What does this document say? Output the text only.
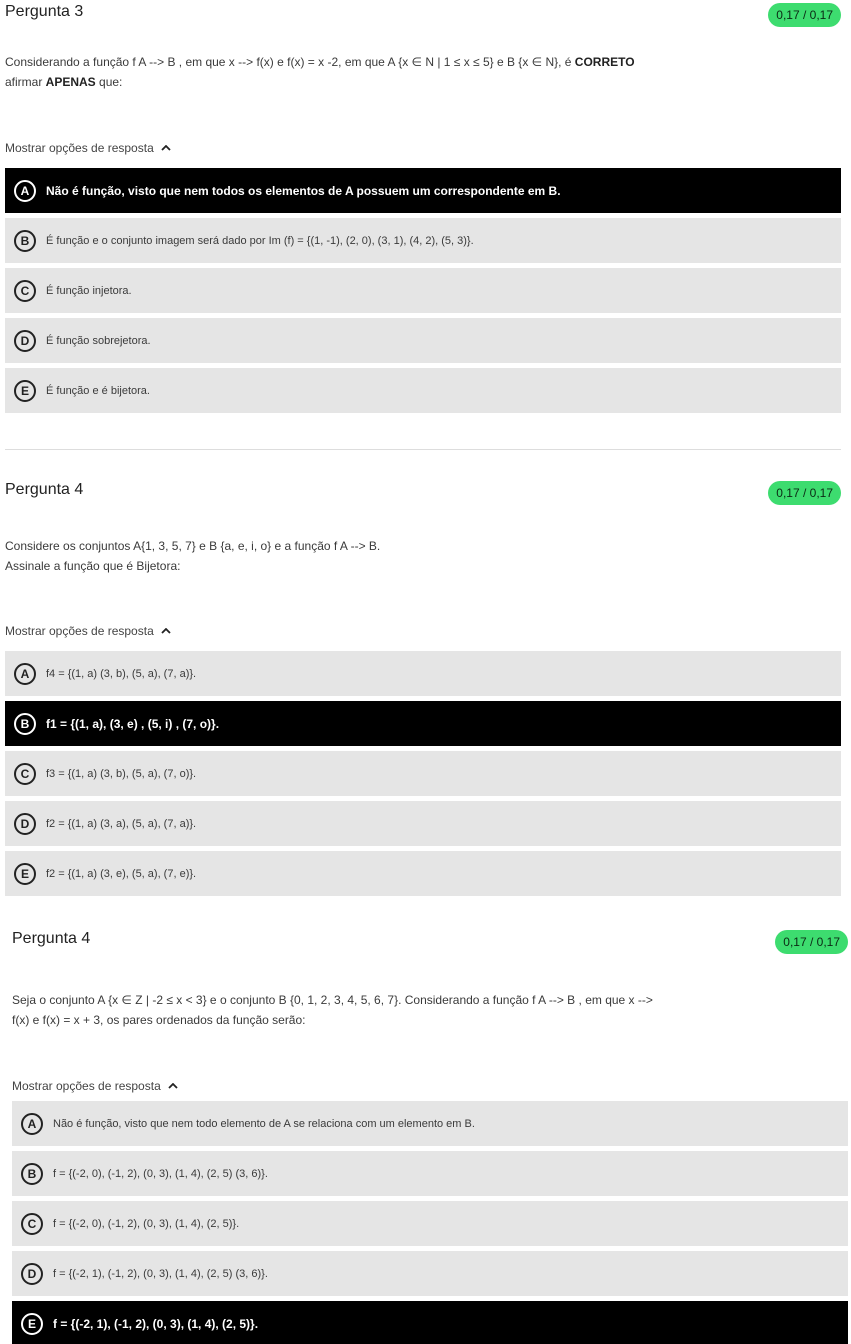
Pergunta 3	0,17 / 0,17
Considerando a função f A --> B , em que x --> f(x) e f(x) = x -2, em que A {x ∈ N | 1 ≤ x ≤ 5} e B {x ∈ N}, é CORRETO
afirmar APENAS que:
Mostrar opções de resposta
A	Não é função, visto que nem todos os elementos de A possuem um correspondente em B.
B	É função e o conjunto imagem será dado por Im (f) = {(1, -1), (2, 0), (3, 1), (4, 2), (5, 3)}.
C	É função injetora.
D	É função sobrejetora.
E	É função e é bijetora.
Pergunta 4	0,17 / 0,17
Considere os conjuntos A{1, 3, 5, 7} e B {a, e, i, o} e a função f A --> B.
Assinale a função que é Bijetora:
Mostrar opções de resposta
A	f4 = {(1, a) (3, b), (5, a), (7, a)}.
B	f1 = {(1, a), (3, e) , (5, i) , (7, o)}.
C	f3 = {(1, a) (3, b), (5, a), (7, o)}.
D	f2 = {(1, a) (3, a), (5, a), (7, a)}.
E	f2 = {(1, a) (3, e), (5, a), (7, e)}.
Pergunta 4	0,17 / 0,17
Seja o conjunto A {x ∈ Z | -2 ≤ x < 3} e o conjunto B {0, 1, 2, 3, 4, 5, 6, 7}. Considerando a função f A --> B , em que x -->
f(x) e f(x) = x + 3, os pares ordenados da função serão:
Mostrar opções de resposta
A	Não é função, visto que nem todo elemento de A se relaciona com um elemento em B.
B	f = {(-2, 0), (-1, 2), (0, 3), (1, 4), (2, 5) (3, 6)}.
C	f = {(-2, 0), (-1, 2), (0, 3), (1, 4), (2, 5)}.
D	f = {(-2, 1), (-1, 2), (0, 3), (1, 4), (2, 5) (3, 6)}.
E	f = {(-2, 1), (-1, 2), (0, 3), (1, 4), (2, 5)}.
